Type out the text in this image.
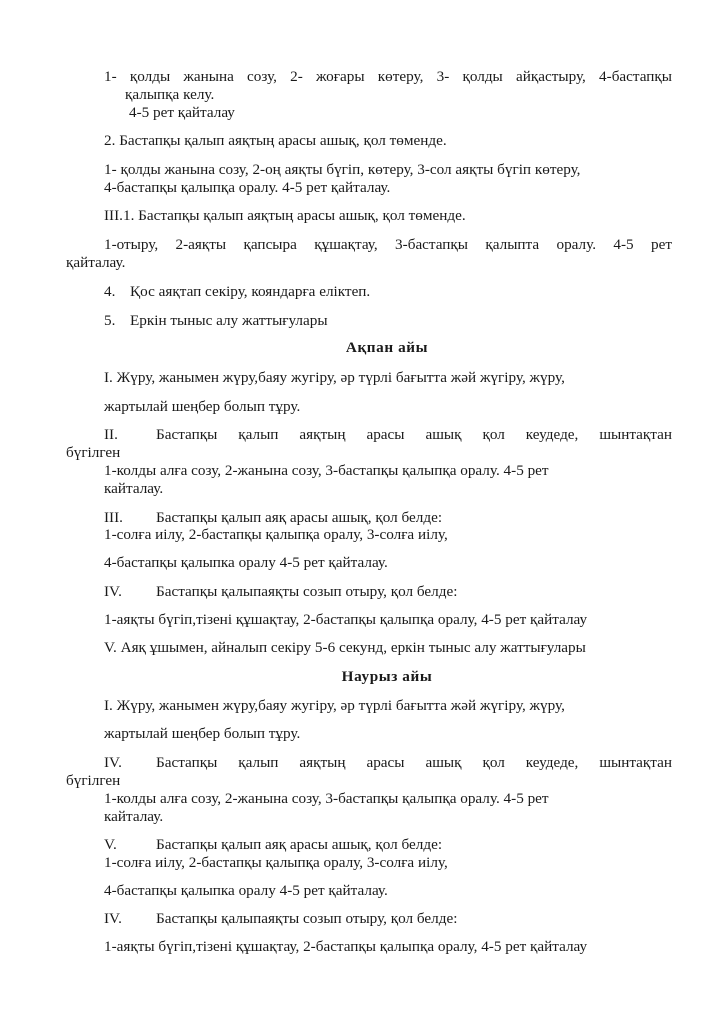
1- қолды жанына созу, 2- жоғары көтеру, 3- қолды айқастыру, 4-бастапқы
қалыпқа келу.
4-5 рет қайталау
2. Бастапқы қалып аяқтың арасы ашық, қол төменде.
1- қолды жанына созу, 2-оң аяқты бүгіп, көтеру, 3-сол аяқты бүгіп көтеру,
4-бастапқы қалыпқа оралу. 4-5 рет қайталау.
ІІІ.1. Бастапқы қалып аяқтың арасы ашық, қол төменде.
1-отыру, 2-аяқты қапсыра құшақтау, 3-бастапқы қалыпта оралу. 4-5 рет
қайталау.
4. Қос аяқтап секіру, кояндарға еліктеп.
5. Еркін тыныс алу жаттығулары
Ақпан айы
І. Жүру, жанымен жүру,баяу жугіру, әр түрлі бағытта жәй жүгіру, жүру,
жартылай шеңбер болып тұру.
ІІ.	Бастапқы қалып аяқтың арасы ашық қол кеудеде, шынтақтан
бүгілген
1-колды алға созу, 2-жанына созу, 3-бастапқы қалыпқа оралу. 4-5 рет
кайталау.
ІІІ. Бастапқы қалып аяқ арасы ашық, қол белде:
1-солға иілу, 2-бастапқы қалыпқа оралу, 3-солға иілу,
4-бастапқы қалыпка оралу 4-5 рет қайталау.
ІV. Бастапқы қалыпаяқты созып отыру, қол белде:
1-аяқты бүгіп,тізені құшақтау, 2-бастапқы қалыпқа оралу, 4-5 рет қайталау
V. Аяқ ұшымен, айналып секіру 5-6 секунд, еркін тыныс алу жаттығулары
Наурыз айы
І. Жүру, жанымен жүру,баяу жугіру, әр түрлі бағытта жәй жүгіру, жүру,
жартылай шеңбер болып тұру.
ІV.	Бастапқы қалып аяқтың арасы ашық қол кеудеде, шынтақтан
бүгілген
1-колды алға созу, 2-жанына созу, 3-бастапқы қалыпқа оралу. 4-5 рет
кайталау.
V.	Бастапқы қалып аяқ арасы ашық, қол белде:
1-солға иілу, 2-бастапқы қалыпқа оралу, 3-солға иілу,
4-бастапқы қалыпка оралу 4-5 рет қайталау.
ІV. Бастапқы қалыпаяқты созып отыру, қол белде:
1-аяқты бүгіп,тізені құшақтау, 2-бастапқы қалыпқа оралу, 4-5 рет қайталау
